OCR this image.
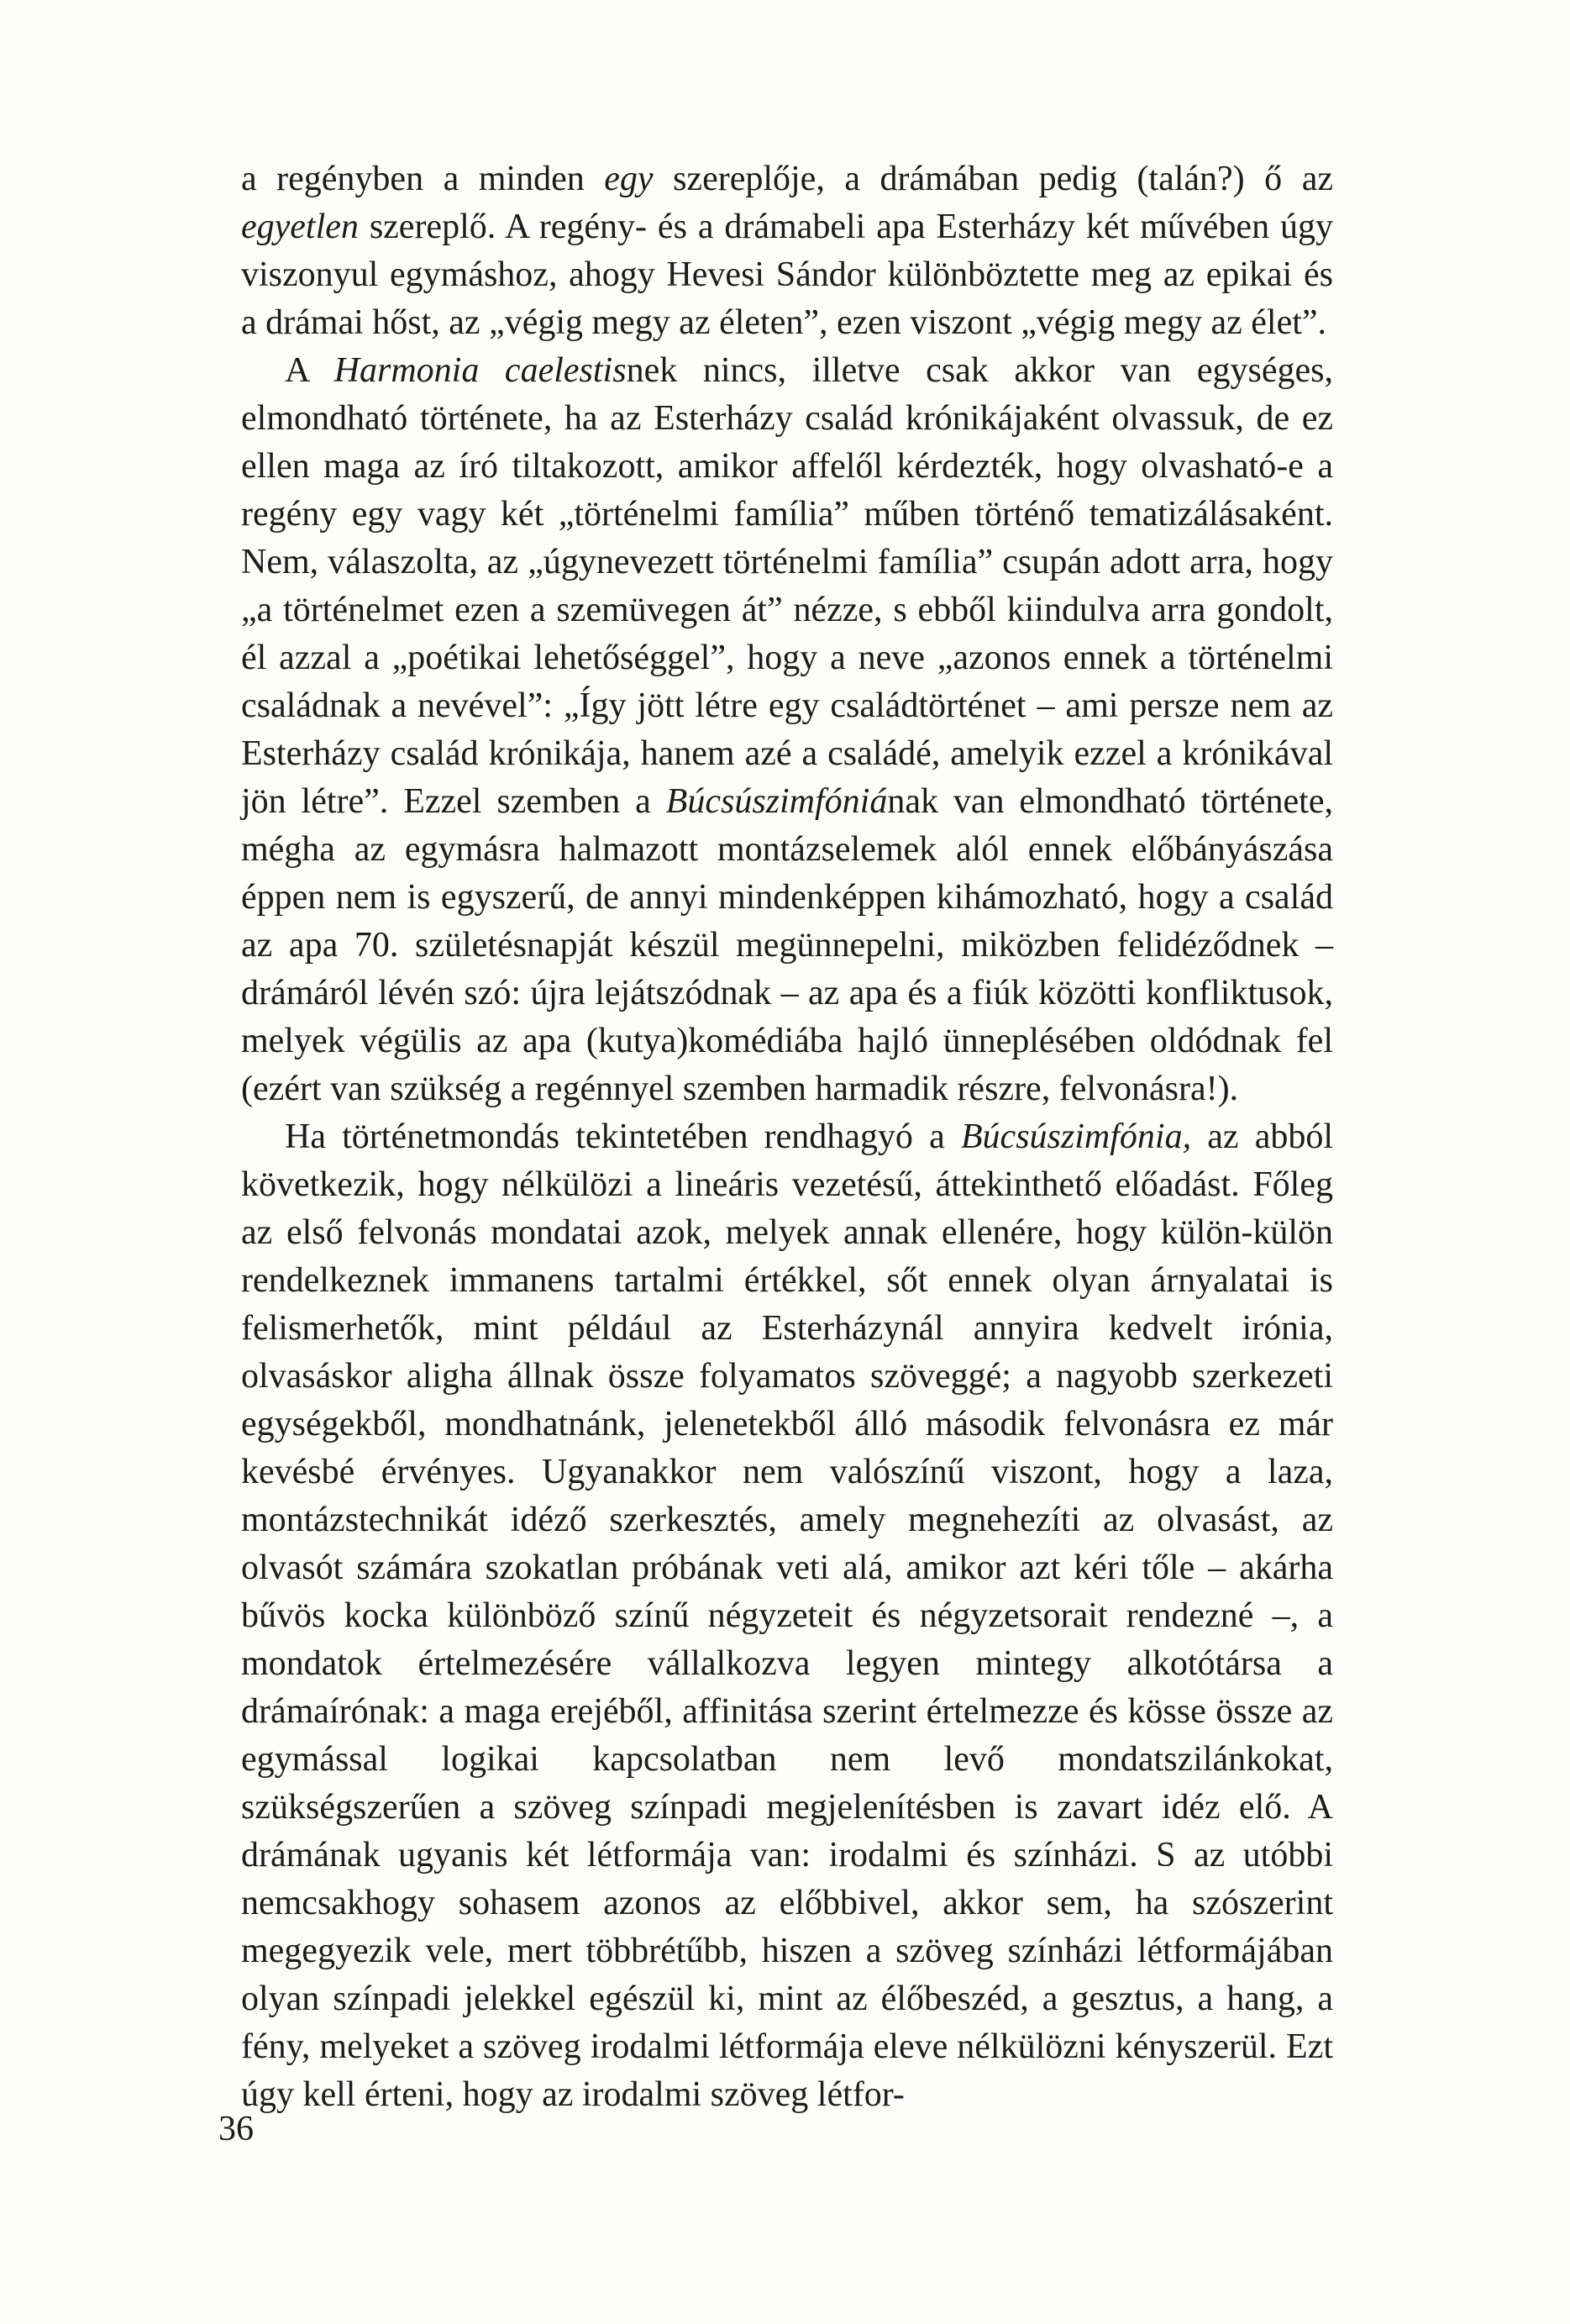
a regényben a minden egy szereplője, a drámában pedig (talán?) ő az egyetlen szereplő. A regény- és a drámabeli apa Esterházy két művében úgy viszonyul egymáshoz, ahogy Hevesi Sándor különböztette meg az epikai és a drámai hőst, az „végig megy az életen”, ezen viszont „végig megy az élet”.

A Harmonia caelestisnek nincs, illetve csak akkor van egységes, elmondható története, ha az Esterházy család krónikájaként olvassuk, de ez ellen maga az író tiltakozott, amikor affelől kérdezték, hogy olvasható-e a regény egy vagy két „történelmi família” műben történő tematizálásaként. Nem, válaszolta, az „úgynevezett történelmi família” csupán adott arra, hogy „a történelmet ezen a szemüvegen át” nézze, s ebből kiindulva arra gondolt, él azzal a „poétikai lehetőséggel”, hogy a neve „azonos ennek a történelmi családnak a nevével”: „Így jött létre egy családtörténet – ami persze nem az Esterházy család krónikája, hanem azé a családé, amelyik ezzel a krónikával jön létre”. Ezzel szemben a Búcsúszimfóniának van elmondható története, mégha az egymásra halmazott montázselemek alól ennek előbányászása éppen nem is egyszerű, de annyi mindenképpen kihámozható, hogy a család az apa 70. születésnapját készül megünnepelni, miközben felidéződnek – drámáról lévén szó: újra lejátszódnak – az apa és a fiúk közötti konfliktusok, melyek végülis az apa (kutya)komédiába hajló ünneplésében oldódnak fel (ezért van szükség a regénnyel szemben harmadik részre, felvonásra!).

Ha történetmondás tekintetében rendhagyó a Búcsúszimfónia, az abból következik, hogy nélkülözi a lineáris vezetésű, áttekinthető előadást. Főleg az első felvonás mondatai azok, melyek annak ellenére, hogy külön-külön rendelkeznek immanens tartalmi értékkel, sőt ennek olyan árnyalatai is felismerhetők, mint például az Esterházynál annyira kedvelt irónia, olvasáskor aligha állnak össze folyamatos szöveggé; a nagyobb szerkezeti egységekből, mondhatnánk, jelenetekből álló második felvonásra ez már kevésbé érvényes. Ugyanakkor nem valószínű viszont, hogy a laza, montázstechnikát idéző szerkesztés, amely megnehezíti az olvasást, az olvasót számára szokatlan próbának veti alá, amikor azt kéri tőle – akárha bűvös kocka különböző színű négyzeteit és négyzetsorait rendezné –, a mondatok értelmezésére vállalkozva legyen mintegy alkotótársa a drámaírónak: a maga erejéből, affinitása szerint értelmezze és kösse össze az egymással logikai kapcsolatban nem levő mondatszilánkokat, szükségszerűen a szöveg színpadi megjelenítésben is zavart idéz elő. A drámának ugyanis két létformája van: irodalmi és színházi. S az utóbbi nemcsakhogy sohasem azonos az előbbivel, akkor sem, ha szószerint megegyezik vele, mert többrétűbb, hiszen a szöveg színházi létformájában olyan színpadi jelekkel egészül ki, mint az élőbeszéd, a gesztus, a hang, a fény, melyeket a szöveg irodalmi létformája eleve nélkülözni kényszerül. Ezt úgy kell érteni, hogy az irodalmi szöveg létfor-

36
